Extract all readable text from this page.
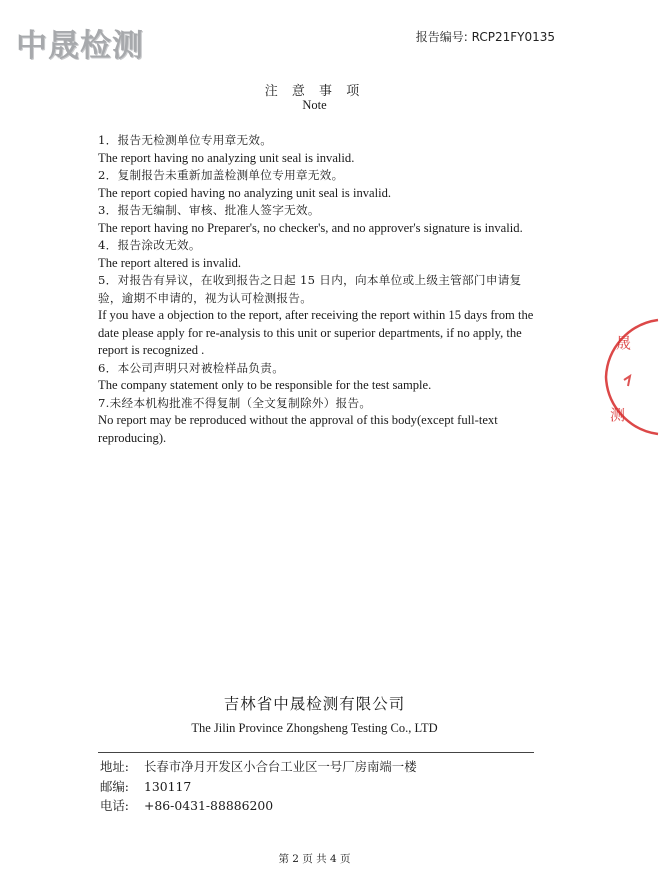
中晟检测	报告编号: RCP21FY0135
注 意 事 项
Note
1．报告无检测单位专用章无效。
The report having no analyzing unit seal is invalid.
2．复制报告未重新加盖检测单位专用章无效。
The report copied having no analyzing unit seal is invalid.
3．报告无编制、审核、批准人签字无效。
The report having no Preparer's, no checker's, and no approver's signature is invalid.
4．报告涂改无效。
The report altered is invalid.
5．对报告有异议，在收到报告之日起 15 日内，向本单位或上级主管部门申请复
验，逾期不申请的，视为认可检测报告。
If you have a objection to the report, after receiving the report within 15 days from the
date please apply for re-analysis to this unit or superior departments, if no apply, the
report is recognized .
6．本公司声明只对被检样品负责。
The company statement only to be responsible for the test sample.
7.未经本机构批准不得复制（全文复制除外）报告。
No report may be reproduced without the approval of this body(except full-text
reproducing).
晟
测
吉林省中晟检测有限公司
The Jilin Province Zhongsheng Testing Co., LTD
地址: 长春市净月开发区小合台工业区一号厂房南端一楼
邮编: 130117
电话: +86-0431-88886200
第 2 页 共 4 页
